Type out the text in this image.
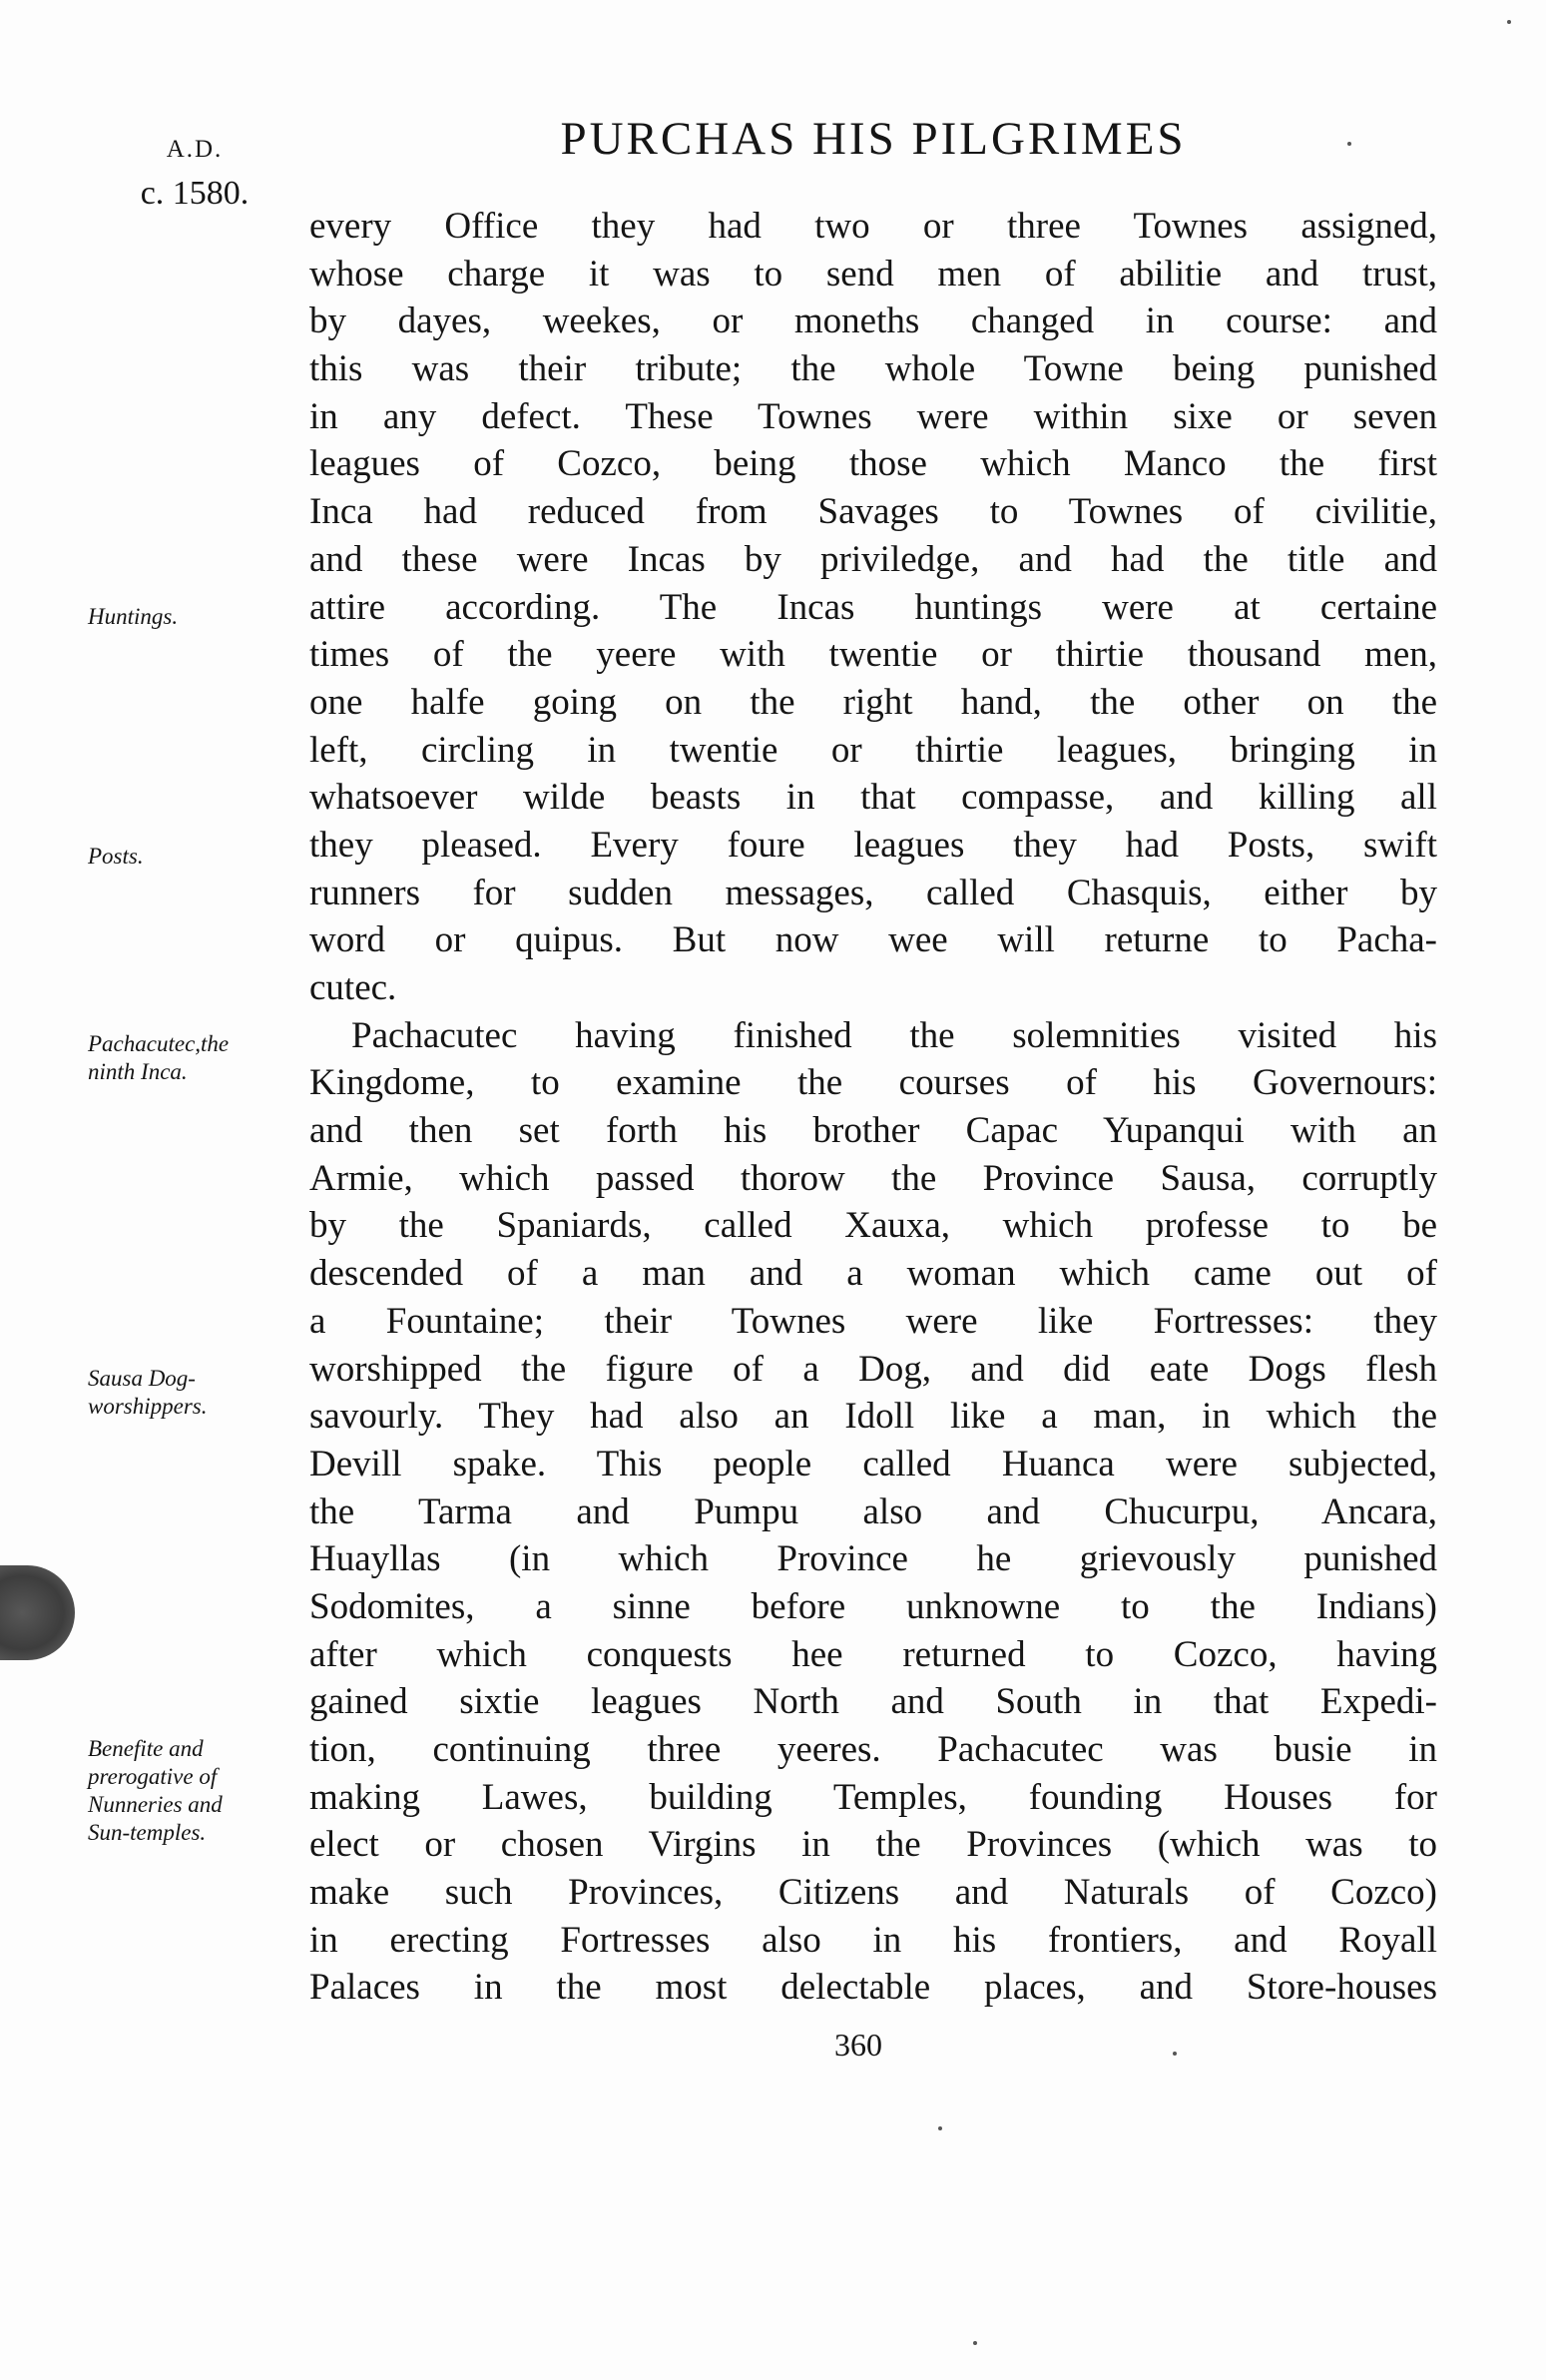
A.D.
c. 1580.
PURCHAS HIS PILGRIMES
every Office they had two or three Townes assigned,
whose charge it was to send men of abilitie and trust,
by dayes, weekes, or moneths changed in course: and
this was their tribute; the whole Towne being punished
in any defect. These Townes were within sixe or seven
leagues of Cozco, being those which Manco the first
Inca had reduced from Savages to Townes of civilitie,
and these were Incas by priviledge, and had the title and
attire according. The Incas huntings were at certaine
times of the yeere with twentie or thirtie thousand men,
one halfe going on the right hand, the other on the
left, circling in twentie or thirtie leagues, bringing in
whatsoever wilde beasts in that compasse, and killing all
they pleased. Every foure leagues they had Posts, swift
runners for sudden messages, called Chasquis, either by
word or quipus. But now wee will returne to Pacha-
cutec.
Pachacutec having finished the solemnities visited his
Kingdome, to examine the courses of his Governours:
and then set forth his brother Capac Yupanqui with an
Armie, which passed thorow the Province Sausa, corruptly
by the Spaniards, called Xauxa, which professe to be
descended of a man and a woman which came out of
a Fountaine; their Townes were like Fortresses: they
worshipped the figure of a Dog, and did eate Dogs flesh
savourly. They had also an Idoll like a man, in which the
Devill spake. This people called Huanca were subjected,
the Tarma and Pumpu also and Chucurpu, Ancara,
Huayllas (in which Province he grievously punished
Sodomites, a sinne before unknowne to the Indians)
after which conquests hee returned to Cozco, having
gained sixtie leagues North and South in that Expedi-
tion, continuing three yeeres. Pachacutec was busie in
making Lawes, building Temples, founding Houses for
elect or chosen Virgins in the Provinces (which was to
make such Provinces, Citizens and Naturals of Cozco)
in erecting Fortresses also in his frontiers, and Royall
Palaces in the most delectable places, and Store-houses
Huntings.
Posts.
Pachacutec,the
ninth Inca.
Sausa Dog-
worshippers.
Benefite and
prerogative of
Nunneries and
Sun-temples.
360
